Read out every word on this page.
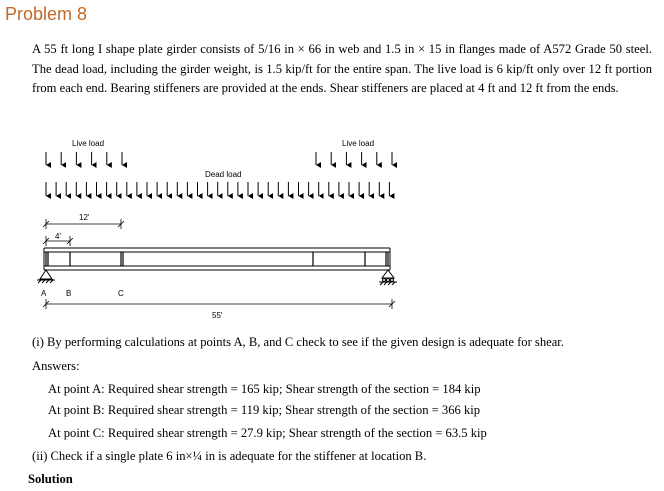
Problem 8

A 55 ft long I shape plate girder consists of 5/16 in × 66 in web and 1.5 in × 15 in flanges made of A572 Grade 50 steel. The dead load, including the girder weight, is 1.5 kip/ft for the entire span. The live load is 6 kip/ft only over 12 ft portion from each end. Bearing stiffeners are provided at the ends. Shear stiffeners are placed at 4 ft and 12 ft from the ends.

Live load	Live load
Dead load
12'
4'
A B	C
55'

(i) By performing calculations at points A, B, and C check to see if the given design is adequate for shear.

Answers:

At point A: Required shear strength = 165 kip; Shear strength of the section = 184 kip

At point B: Required shear strength = 119 kip; Shear strength of the section = 366 kip

At point C: Required shear strength = 27.9 kip; Shear strength of the section = 63.5 kip

(ii) Check if a single plate 6 in×¼ in is adequate for the stiffener at location B.

Solution
